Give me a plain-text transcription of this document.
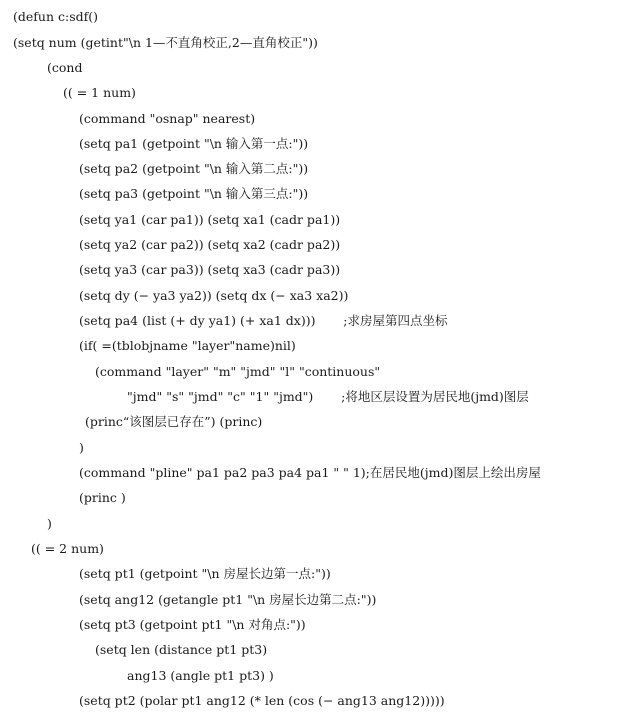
(defun c:sdf()
(setq num (getint"\n 1—不直角校正,2—直角校正"))
(cond
(( = 1 num)
(command "osnap" nearest)
(setq pa1 (getpoint "\n 输入第一点:"))
(setq pa2 (getpoint "\n 输入第二点:"))
(setq pa3 (getpoint "\n 输入第三点:"))
(setq ya1 (car pa1)) (setq xa1 (cadr pa1))
(setq ya2 (car pa2)) (setq xa2 (cadr pa2))
(setq ya3 (car pa3)) (setq xa3 (cadr pa3))
(setq dy (− ya3 ya2)) (setq dx (− xa3 xa2))
(setq pa4 (list (+ dy ya1) (+ xa1 dx)))       ;求房屋第四点坐标
(if( =(tblobjname "layer"name)nil)
(command "layer" "m" "jmd" "l" "continuous"
"jmd" "s" "jmd" "c" "1" "jmd")       ;将地区层设置为居民地(jmd)图层
(princ“该图层已存在”) (princ)
)
(command "pline" pa1 pa2 pa3 pa4 pa1 " " 1);在居民地(jmd)图层上绘出房屋
(princ )
)
(( = 2 num)
(setq pt1 (getpoint "\n 房屋长边第一点:"))
(setq ang12 (getangle pt1 "\n 房屋长边第二点:"))
(setq pt3 (getpoint pt1 "\n 对角点:"))
(setq len (distance pt1 pt3)
ang13 (angle pt1 pt3) )
(setq pt2 (polar pt1 ang12 (* len (cos (− ang13 ang12)))))
